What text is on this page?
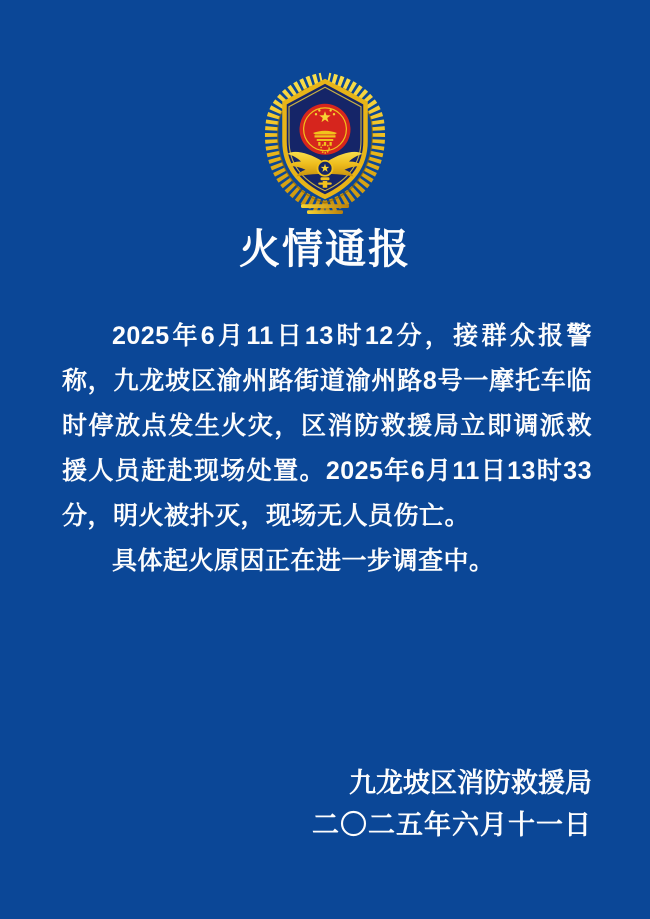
火情通报

2025年6月11日13时12分，接群众报警称，九龙坡区渝州路街道渝州路8号一摩托车临时停放点发生火灾，区消防救援局立即调派救援人员赶赴现场处置。2025年6月11日13时33分，明火被扑灭，现场无人员伤亡。

具体起火原因正在进一步调查中。

九龙坡区消防救援局
二〇二五年六月十一日
